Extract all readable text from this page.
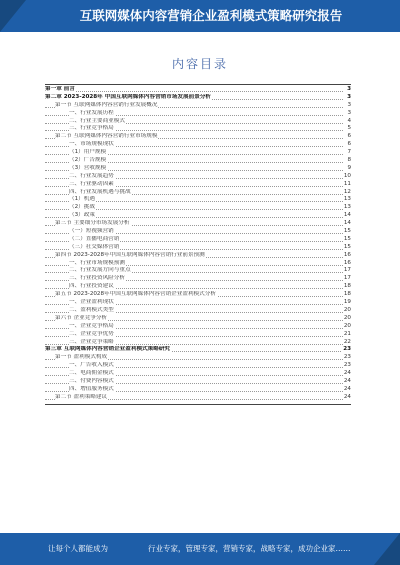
互联网媒体内容营销企业盈利模式策略研究报告
内容目录
第一章 前言	3
第二章 2023-2028年 中国互联网媒体内容营销市场发展前景分析	3
第一节 互联网媒体内容营销行业发展概况	3
一、行业发展历程	3
二、行业主要商业模式	4
三、行业竞争格局	5
第二节 互联网媒体内容营销行业市场规模	6
一、市场规模现状	6
（1）用户规模	7
（2）广告规模	8
（3）营收规模	9
二、行业发展趋势	10
三、行业驱动因素	11
四、行业发展机遇与挑战	12
（1）机遇	13
（2）挑战	13
（3）政策	14
第三节 主要细分市场发展分析	14
（一）短视频营销	15
（二）直播电商营销	15
（三）社交媒体营销	15
第四节 2023-2028年中国互联网媒体内容营销行业前景预测	16
一、行业市场规模预测	16
二、行业发展方向与重点	17
三、行业投资风险分析	17
四、行业投资建议	18
第五节 2023-2028年中国互联网媒体内容营销企业盈利模式分析	18
一、企业盈利现状	19
二、盈利模式类型	20
第六节 企业竞争分析	20
一、企业竞争格局	20
二、企业竞争优势	21
三、企业竞争策略	22
第三章 互联网媒体内容营销企业盈利模式策略研究	23
第一节 盈利模式构成	23
一、广告收入模式	23
二、电商佣金模式	24
三、付费内容模式	24
四、增值服务模式	24
第二节 盈利策略建议	24
让每个人都能成为	行业专家，管理专家，营销专家，战略专家，成功企业家……
